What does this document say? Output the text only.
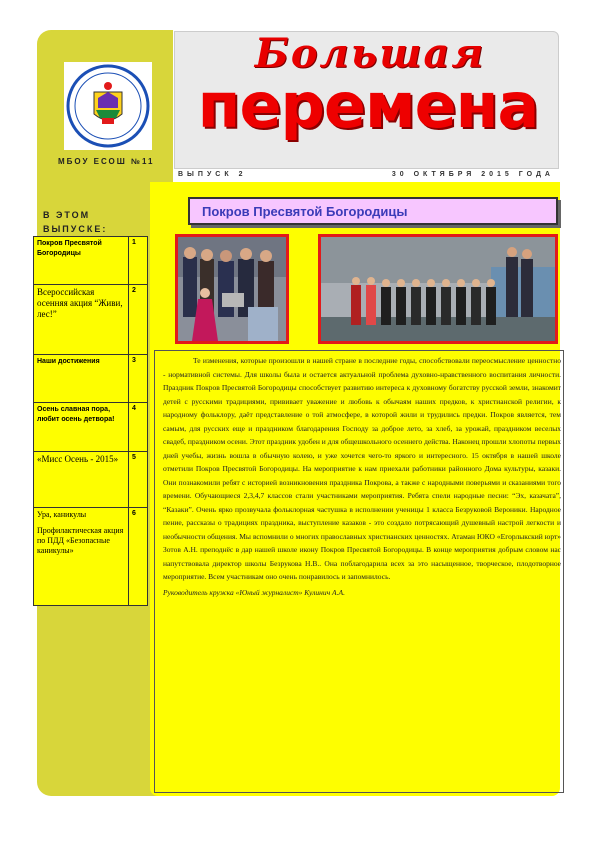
МБОУ ЕСОШ №11
Большая
перемена
ВЫПУСК 2	30 ОКТЯБРЯ 2015 ГОДА
В ЭТОМ ВЫПУСКЕ:
Покров Пресвятой Богородицы	1
Всероссийская осенняя акция “Живи, лес!”	2
Наши достижения	3
Осень славная пора, любит осень детвора!	4
«Мисс Осень - 2015»	5

Ура, каникулы
Профилактическая акция по ПДД «Безопасные каникулы»	6
Покров Пресвятой Богородицы

Те изменения, которые произошли в нашей стране в последние годы, способствовали переосмысление ценностно - нормативной системы. Для школы была и остается актуальной проблема духовно-нравственного воспитания личности. Праздник Покров Пресвятой Богородицы способствует развитию интереса к духовному богатству русской земли, знакомит детей с русскими традициями, прививает уважение и любовь к обычаям наших предков, к христианской религии, к народному фольклору, даёт представление о той атмосфере, в которой жили и трудились предки. Покров является, тем самым, для русских еще и праздником благодарения Господу за доброе лето, за хлеб, за урожай, праздником веселых свадеб, праздником осени. Этот праздник удобен и для общешкольного осеннего действа. Наконец прошли хлопоты первых дней учебы, жизнь вошла в обычную колею, и уже хочется чего-то яркого и интересного. 15 октября в нашей школе отметили Покров Пресвятой Богородицы. На мероприятие к нам приехали работники районного Дома культуры, казаки. Они познакомили ребят с историей возникновения праздника Покрова, а также с народными поверьями и сказаниями того времени. Обучающиеся 2,3,4,7 классов стали участниками мероприятия. Ребята спели народные песни: “Эх, казачата”, “Казаки”. Очень ярко прозвучала фольклорная частушка в исполнении ученицы 1 класса Безруковой Вероники. Народное пение, рассказы о традициях праздника, выступление казаков - это создало потрясающий душевный настрой легкости и необычности общения. Мы вспомнили о многих православных христианских ценностях. Атаман ЮКО «Егорлыкский юрт» Зотов А.Н. преподнёс в дар нашей школе икону Покров Пресвятой Богородицы. В конце мероприятия добрым словом нас напутствовала директор школы Безрукова Н.В.. Она поблагодарила всех за это насыщенное, творческое, плодотворное мероприятие. Всем участникам оно очень понравилось и запомнилось.

Руководитель кружка «Юный журналист» Кулинич А.А.
